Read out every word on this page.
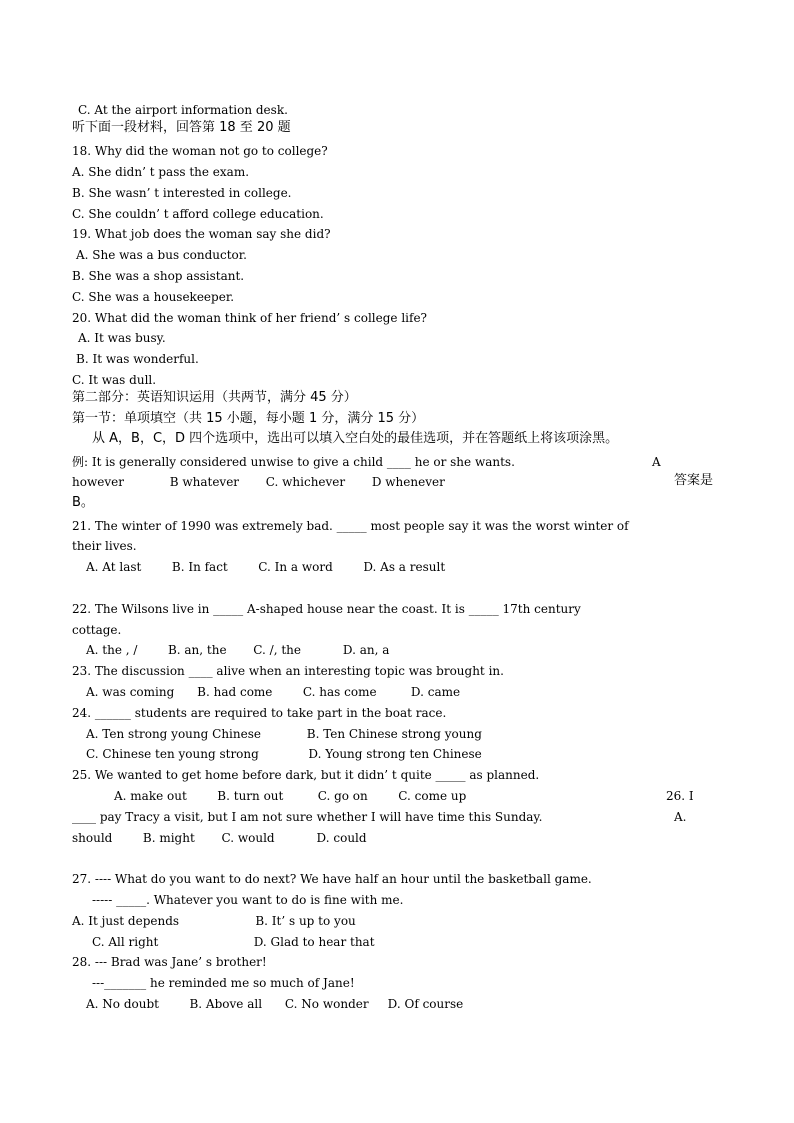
C. At the airport information desk.
听下面一段材料，回答第 18 至 20 题
18. Why did the woman not go to college?
A. She didn’ t pass the exam.
B. She wasn’ t interested in college.
C. She couldn’ t afford college education.
19. What job does the woman say she did?
A. She was a bus conductor.
B. She was a shop assistant.
C. She was a housekeeper.
20. What did the woman think of her friend’ s college life?
A. It was busy.
B. It was wonderful.
C. It was dull.
第二部分：英语知识运用（共两节，满分 45 分）
第一节：单项填空（共 15 小题，每小题 1 分，满分 15 分）
从 A，B，C，D 四个选项中，选出可以填入空白处的最佳选项，并在答题纸上将该项涂黑。
例: It is generally considered unwise to give a child ____ he or she wants.	A
however            B whatever       C. whichever       D whenever	答案是
B。
21. The winter of 1990 was extremely bad. _____ most people say it was the worst winter of
their lives.
A. At last        B. In fact        C. In a word        D. As a result
22. The Wilsons live in _____ A-shaped house near the coast. It is _____ 17th century
cottage.
A. the , /        B. an, the       C. /, the           D. an, a
23. The discussion ____ alive when an interesting topic was brought in.
A. was coming      B. had come        C. has come         D. came
24. ______ students are required to take part in the boat race.
A. Ten strong young Chinese            B. Ten Chinese strong young
C. Chinese ten young strong             D. Young strong ten Chinese
25. We wanted to get home before dark, but it didn’ t quite _____ as planned.
A. make out        B. turn out         C. go on        C. come up	26. I
____ pay Tracy a visit, but I am not sure whether I will have time this Sunday.	A.
should        B. might       C. would           D. could
27. ---- What do you want to do next? We have half an hour until the basketball game.
----- _____. Whatever you want to do is fine with me.
A. It just depends                    B. It’ s up to you
C. All right                         D. Glad to hear that
28. --- Brad was Jane’ s brother!
---_______ he reminded me so much of Jane!
A. No doubt        B. Above all      C. No wonder     D. Of course
